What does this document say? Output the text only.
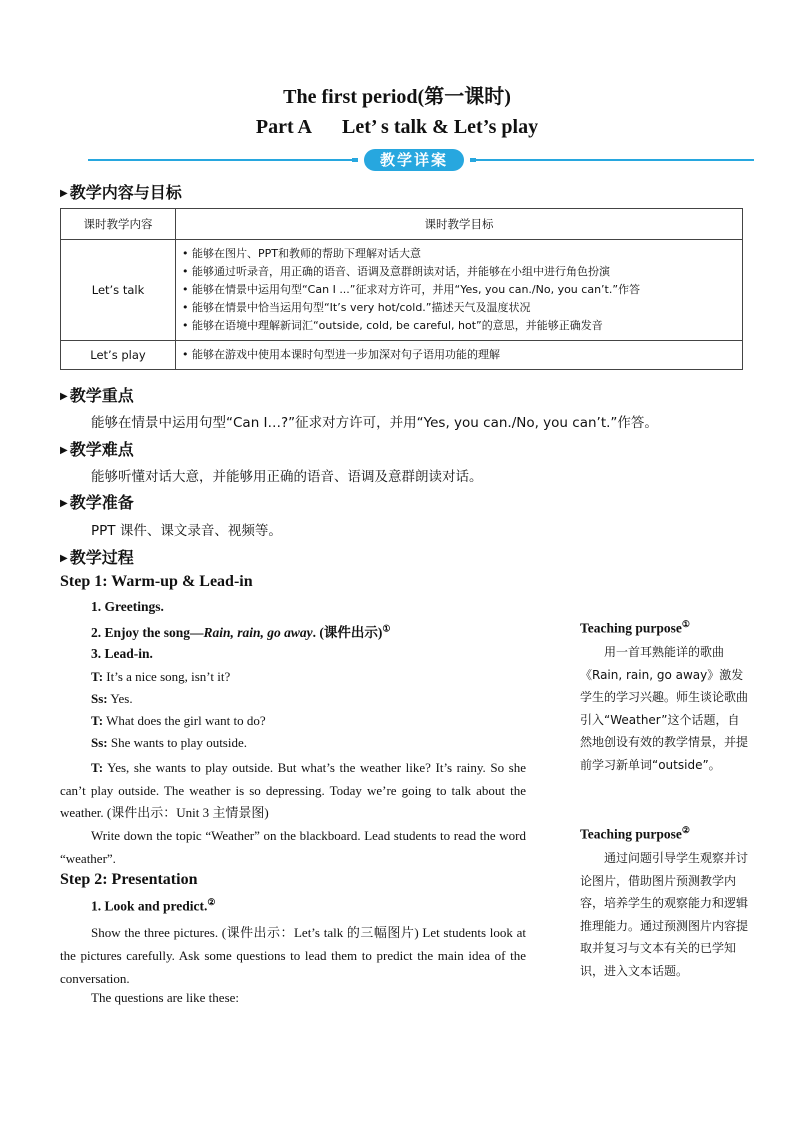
The first period(第一课时)
Part A Let’ s talk & Let’s play
教学详案
▶ 教学内容与目标
课时教学内容	课时教学目标
Let’s talk	• 能够在图片、PPT和教师的帮助下理解对话大意
• 能够通过听录音，用正确的语音、语调及意群朗读对话，并能够在小组中进行角色扮演
• 能够在情景中运用句型“Can I ...”征求对方许可，并用“Yes, you can./No, you can’t.”作答
• 能够在情景中恰当运用句型“It’s very hot/cold.”描述天气及温度状况
• 能够在语境中理解新词汇“outside, cold, be careful, hot”的意思，并能够正确发音

Let’s play	• 能够在游戏中使用本课时句型进一步加深对句子语用功能的理解
▶ 教学重点
能够在情景中运用句型“Can I…?”征求对方许可，并用“Yes, you can./No, you can’t.”作答。
▶ 教学难点
能够听懂对话大意，并能够用正确的语音、语调及意群朗读对话。
▶ 教学准备
PPT 课件、课文录音、视频等。
▶ 教学过程
Step 1: Warm-up & Lead-in
1. Greetings.
2. Enjoy the song—Rain, rain, go away. (课件出示)①
3. Lead-in.
T: It’s a nice song, isn’t it?
Ss: Yes.
T: What does the girl want to do?
Ss: She wants to play outside.
T: Yes, she wants to play outside. But what’s the weather like? It’s rainy. So she can’t play outside. The weather is so depressing. Today we’re going to talk about the weather. (课件出示：Unit 3 主情景图)
Write down the topic “Weather” on the blackboard. Lead students to read the word “weather”.
Step 2: Presentation
1. Look and predict.②
Show the three pictures. (课件出示：Let’s talk 的三幅图片) Let students look at the pictures carefully. Ask some questions to lead them to predict the main idea of the conversation.
The questions are like these:
Teaching purpose①
用一首耳熟能详的歌曲《Rain, rain, go away》激发学生的学习兴趣。师生谈论歌曲引入“Weather”这个话题，自然地创设有效的教学情景，并提前学习新单词“outside”。
Teaching purpose②
通过问题引导学生观察并讨论图片，借助图片预测教学内容，培养学生的观察能力和逻辑推理能力。通过预测图片内容提取并复习与文本有关的已学知识，进入文本话题。
